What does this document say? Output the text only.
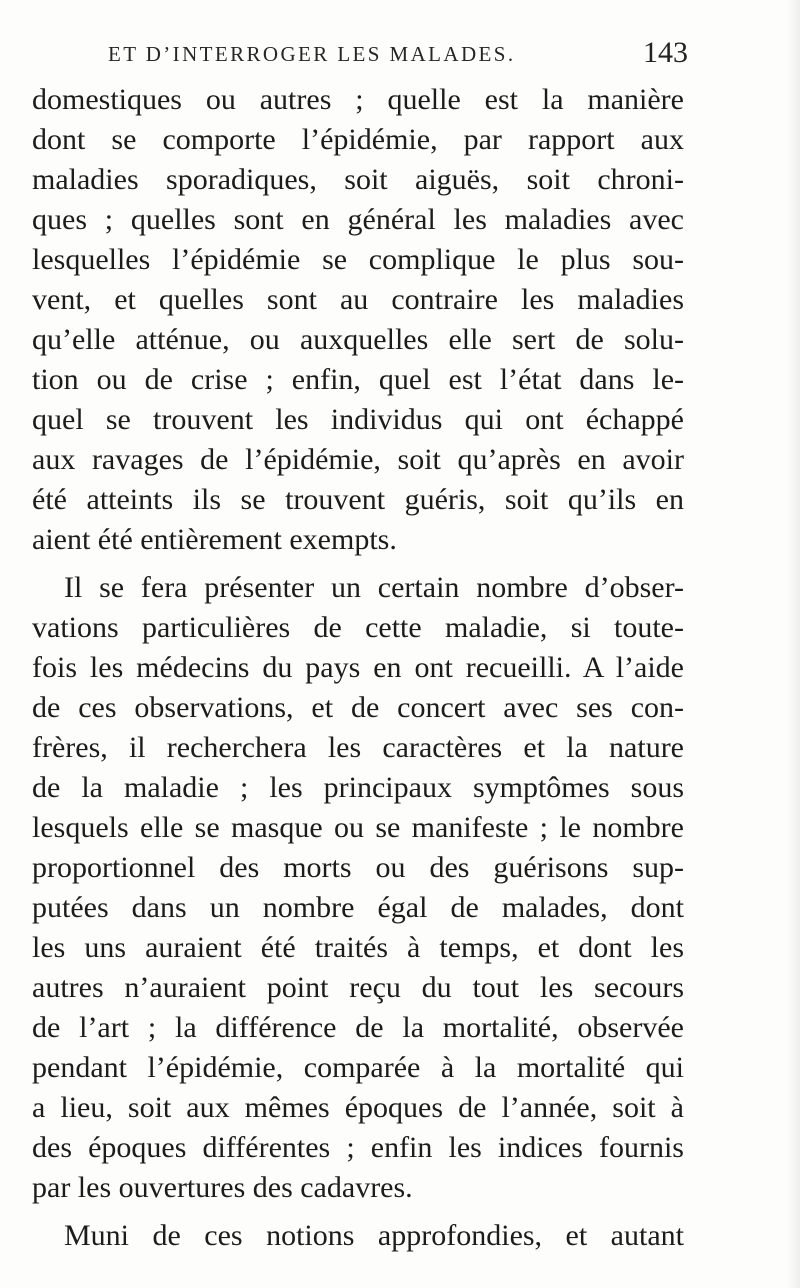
ET D’INTERROGER LES MALADES.	143
domestiques ou autres ; quelle est la manière
dont se comporte l’épidémie, par rapport aux
maladies sporadiques, soit aiguës, soit chroni-
ques ; quelles sont en général les maladies avec
lesquelles l’épidémie se complique le plus sou-
vent, et quelles sont au contraire les maladies
qu’elle atténue, ou auxquelles elle sert de solu-
tion ou de crise ; enfin, quel est l’état dans le-
quel se trouvent les individus qui ont échappé
aux ravages de l’épidémie, soit qu’après en avoir
été atteints ils se trouvent guéris, soit qu’ils en
aient été entièrement exempts.
Il se fera présenter un certain nombre d’obser-
vations particulières de cette maladie, si toute-
fois les médecins du pays en ont recueilli. A l’aide
de ces observations, et de concert avec ses con-
frères, il recherchera les caractères et la nature
de la maladie ; les principaux symptômes sous
lesquels elle se masque ou se manifeste ; le nombre
proportionnel des morts ou des guérisons sup-
putées dans un nombre égal de malades, dont
les uns auraient été traités à temps, et dont les
autres n’auraient point reçu du tout les secours
de l’art ; la différence de la mortalité, observée
pendant l’épidémie, comparée à la mortalité qui
a lieu, soit aux mêmes époques de l’année, soit à
des époques différentes ; enfin les indices fournis
par les ouvertures des cadavres.
Muni de ces notions approfondies, et autant
